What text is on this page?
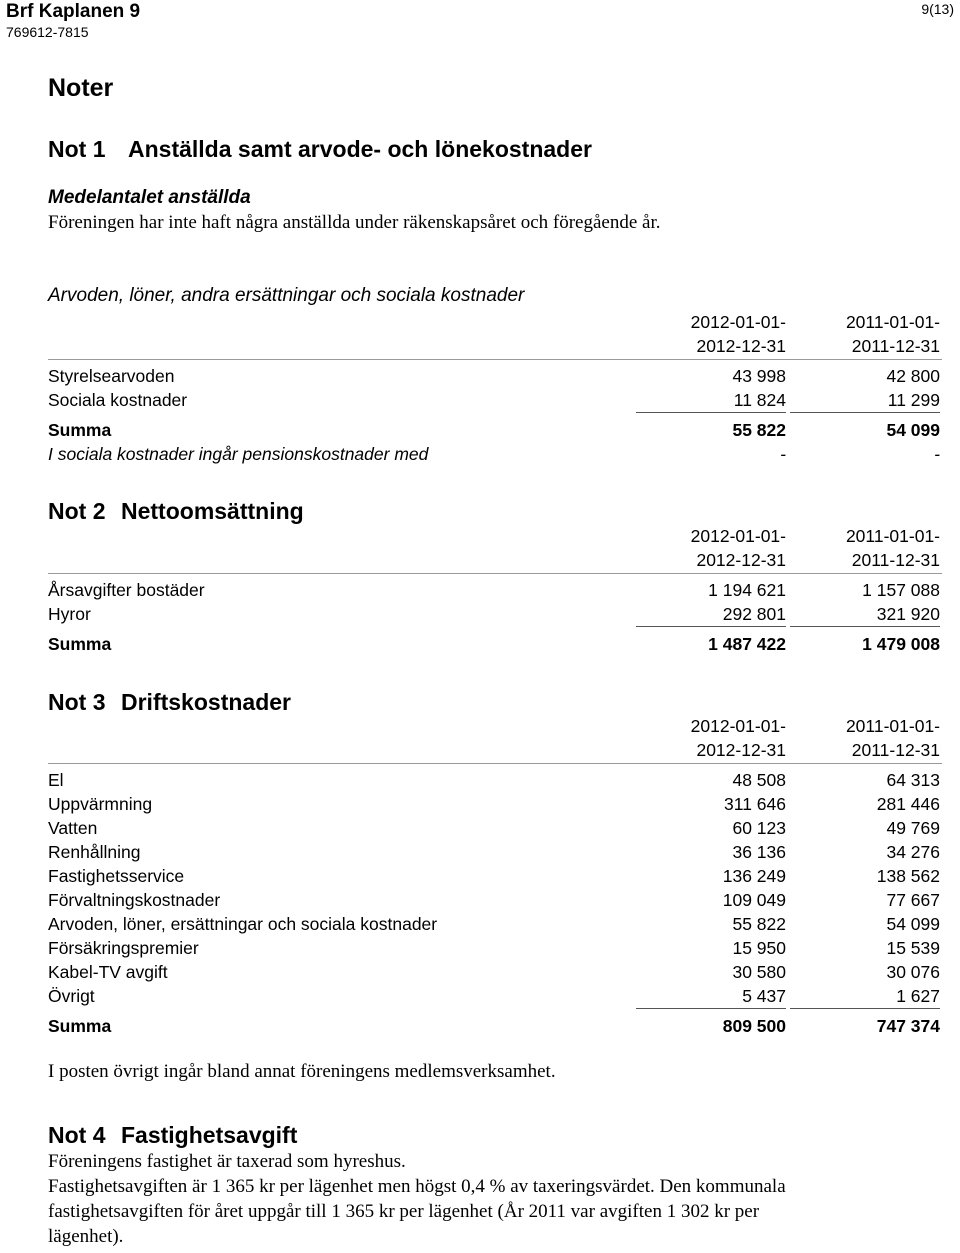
Brf Kaplanen 9
769612-7815
9(13)
Noter
Not 1 Anställda samt arvode- och lönekostnader
Medelantalet anställda
Föreningen har inte haft några anställda under räkenskapsåret och föregående år.
Arvoden, löner, andra ersättningar och sociala kostnader
2012-01-01-
2012-12-31
2011-01-01-
2011-12-31
Styrelsearvoden	43 998	42 800
Sociala kostnader	11 824	11 299
Summa	55 822	54 099
I sociala kostnader ingår pensionskostnader med	-	-
Not 2 Nettoomsättning
2012-01-01-
2012-12-31
2011-01-01-
2011-12-31
Årsavgifter bostäder	1 194 621	1 157 088
Hyror	292 801	321 920
Summa	1 487 422	1 479 008
Not 3 Driftskostnader
2012-01-01-
2012-12-31
2011-01-01-
2011-12-31
El	48 508	64 313
Uppvärmning	311 646	281 446
Vatten	60 123	49 769
Renhållning	36 136	34 276
Fastighetsservice	136 249	138 562
Förvaltningskostnader	109 049	77 667
Arvoden, löner, ersättningar och sociala kostnader	55 822	54 099
Försäkringspremier	15 950	15 539
Kabel-TV avgift	30 580	30 076
Övrigt	5 437	1 627
Summa	809 500	747 374
I posten övrigt ingår bland annat föreningens medlemsverksamhet.
Not 4 Fastighetsavgift
Föreningens fastighet är taxerad som hyreshus.
Fastighetsavgiften är 1 365 kr per lägenhet men högst 0,4 % av taxeringsvärdet. Den kommunala
fastighetsavgiften för året uppgår till 1 365 kr per lägenhet (År 2011 var avgiften 1 302 kr per
lägenhet).
